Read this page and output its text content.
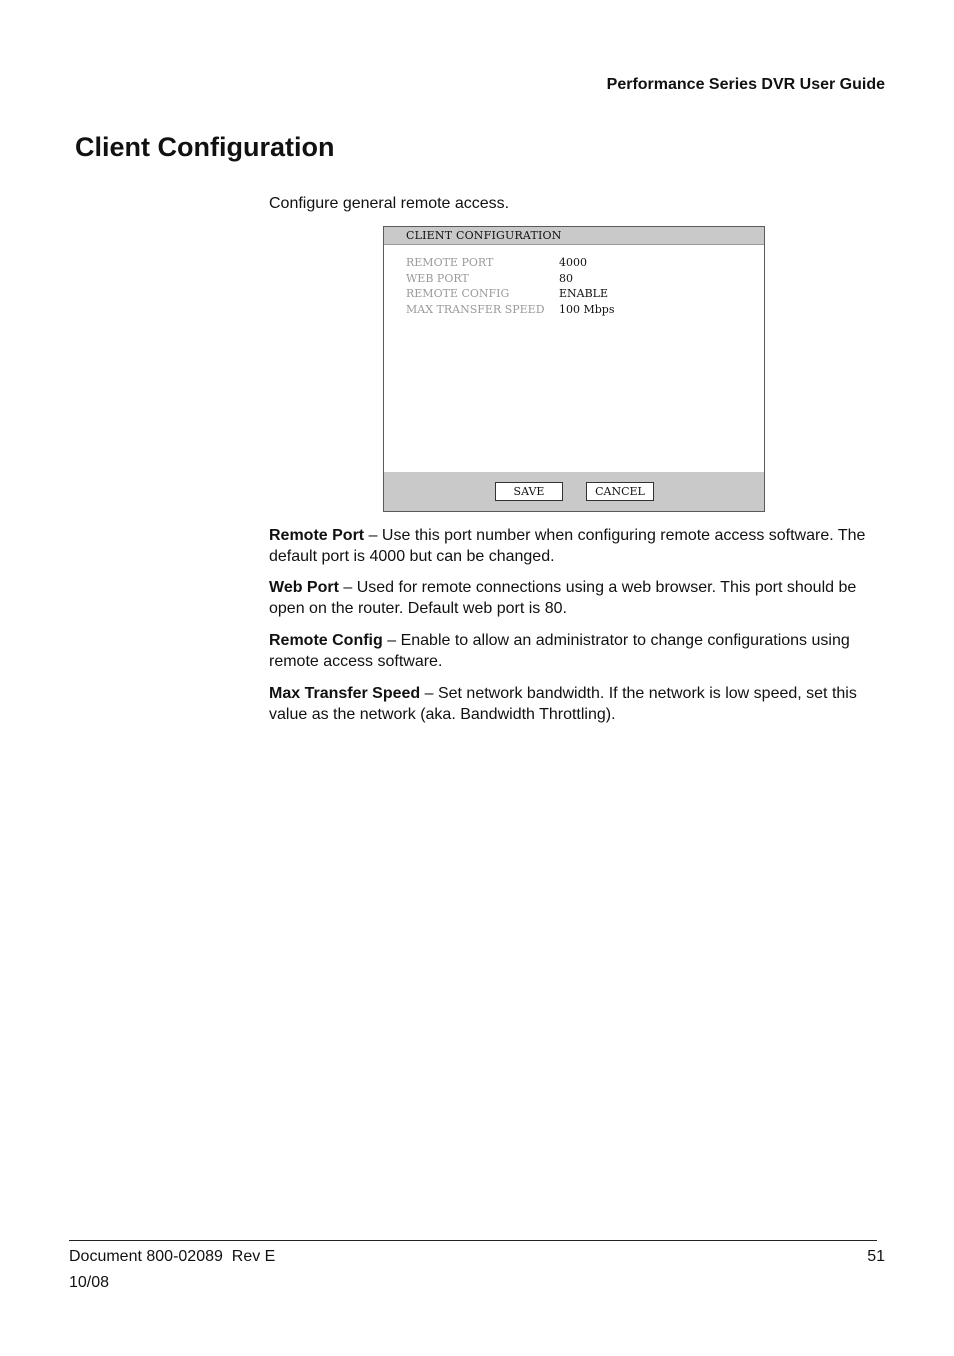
Performance Series DVR User Guide
Client Configuration
Configure general remote access.
CLIENT CONFIGURATION
REMOTE PORT	4000
WEB PORT	80
REMOTE CONFIG	ENABLE
MAX TRANSFER SPEED	100 Mbps
SAVE	CANCEL

Remote Port – Use this port number when configuring remote access software. The default port is 4000 but can be changed.

Web Port – Used for remote connections using a web browser. This port should be open on the router. Default web port is 80.

Remote Config – Enable to allow an administrator to change configurations using remote access software.

Max Transfer Speed – Set network bandwidth. If the network is low speed, set this value as the network (aka. Bandwidth Throttling).

Document 800-02089  Rev E
10/08
51
